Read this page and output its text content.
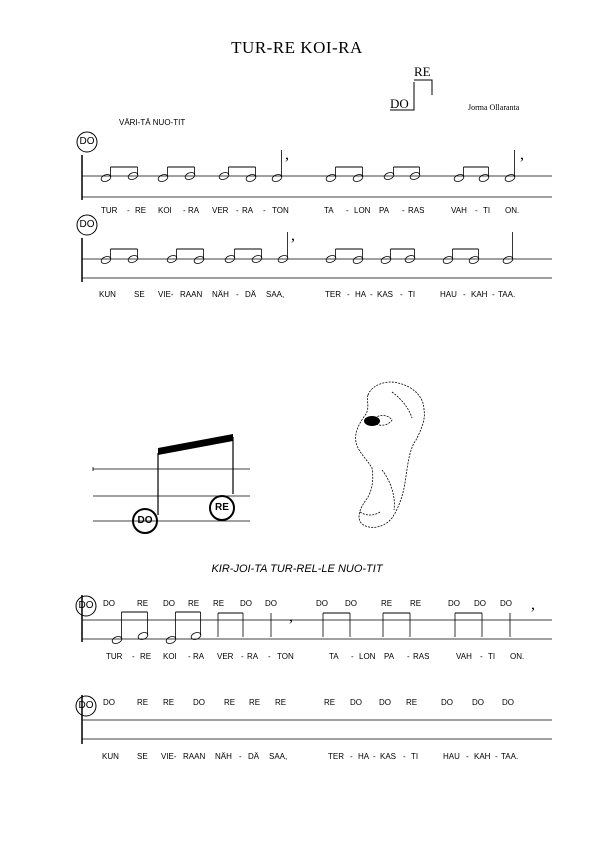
TUR-RE KOI-RA
RE
DO	Jorma Ollaranta
VÄRI-TÄ NUO-TIT
KIR-JOI-TA TUR-REL-LE NUO-TIT
DO
DO
DO
DO
DO
RE
,	,
,
,
,
TUR - RE KOI - RA VER - RA - TON	TA - LON PA - RAS	VAH - TI ON.
KUN SE VIE- RAAN NÄH - DÄ SAA,	TER - HA - KAS - TI	HAU - KAH - TAA.
DO	RE DO RE RE DO DO	DO DO	RE RE	DO DO DO
TUR - RE KOI - RA VER - RA - TON	TA - LON PA - RAS	VAH - TI ON.
DO	RE RE DO RE RE RE	RE DO DO RE	DO DO DO
KUN SE VIE- RAAN NÄH - DÄ SAA,	TER - HA - KAS - TI	HAU - KAH - TAA.
